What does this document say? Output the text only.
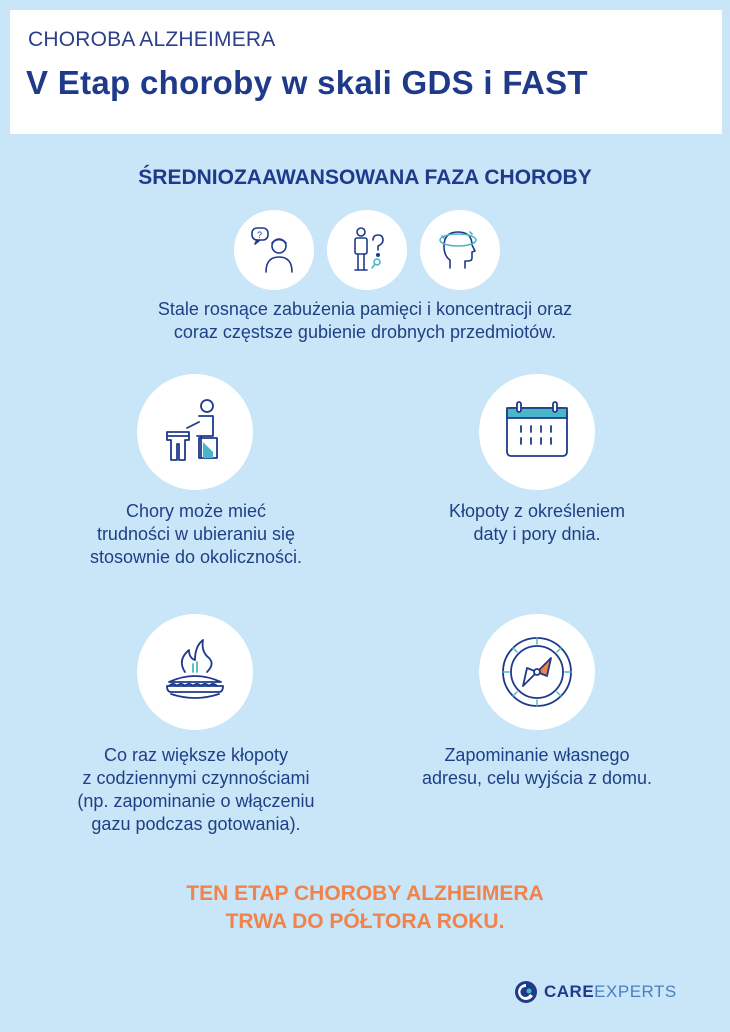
CHOROBA ALZHEIMERA
V Etap choroby w skali GDS i FAST
ŚREDNIOZAAWANSOWANA FAZA CHOROBY
?
Stale rosnące zabużenia pamięci i koncentracji oraz
coraz częstsze gubienie drobnych przedmiotów.
Chory może mieć
trudności w ubieraniu się
stosownie do okoliczności.
Kłopoty z określeniem
daty i pory dnia.
Co raz większe kłopoty
z codziennymi czynnościami
(np. zapominanie o włączeniu
gazu podczas gotowania).
Zapominanie własnego
adresu, celu wyjścia z domu.
TEN ETAP CHOROBY ALZHEIMERA
TRWA DO PÓŁTORA ROKU.
CAREEXPERTS
